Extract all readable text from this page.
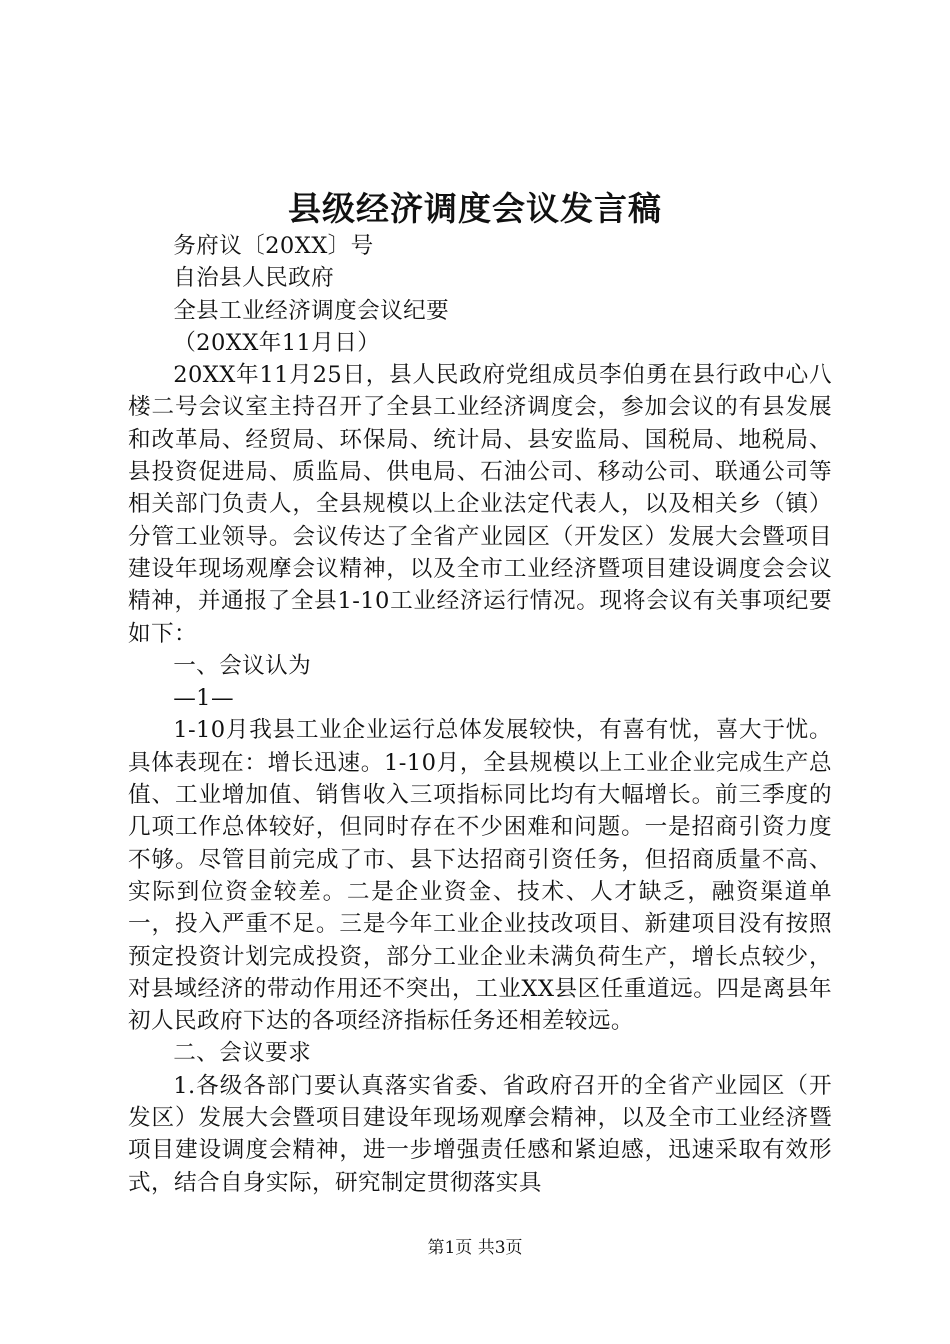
县级经济调度会议发言稿

务府议〔20XX〕号

自治县人民政府

全县工业经济调度会议纪要

（20XX年11月日）

20XX年11月25日，县人民政府党组成员李伯勇在县行政中心八楼二号会议室主持召开了全县工业经济调度会，参加会议的有县发展和改革局、经贸局、环保局、统计局、县安监局、国税局、地税局、县投资促进局、质监局、供电局、石油公司、移动公司、联通公司等相关部门负责人，全县规模以上企业法定代表人，以及相关乡（镇）分管工业领导。会议传达了全省产业园区（开发区）发展大会暨项目建设年现场观摩会议精神，以及全市工业经济暨项目建设调度会会议精神，并通报了全县1-10工业经济运行情况。现将会议有关事项纪要如下：

一、会议认为

—1—

1-10月我县工业企业运行总体发展较快，有喜有忧，喜大于忧。具体表现在：增长迅速。1-10月，全县规模以上工业企业完成生产总值、工业增加值、销售收入三项指标同比均有大幅增长。前三季度的几项工作总体较好，但同时存在不少困难和问题。一是招商引资力度不够。尽管目前完成了市、县下达招商引资任务，但招商质量不高、实际到位资金较差。二是企业资金、技术、人才缺乏，融资渠道单一，投入严重不足。三是今年工业企业技改项目、新建项目没有按照预定投资计划完成投资，部分工业企业未满负荷生产，增长点较少，对县域经济的带动作用还不突出，工业XX县区任重道远。四是离县年初人民政府下达的各项经济指标任务还相差较远。

二、会议要求

1.各级各部门要认真落实省委、省政府召开的全省产业园区（开发区）发展大会暨项目建设年现场观摩会精神，以及全市工业经济暨项目建设调度会精神，进一步增强责任感和紧迫感，迅速采取有效形式，结合自身实际，研究制定贯彻落实具

第1页 共3页
